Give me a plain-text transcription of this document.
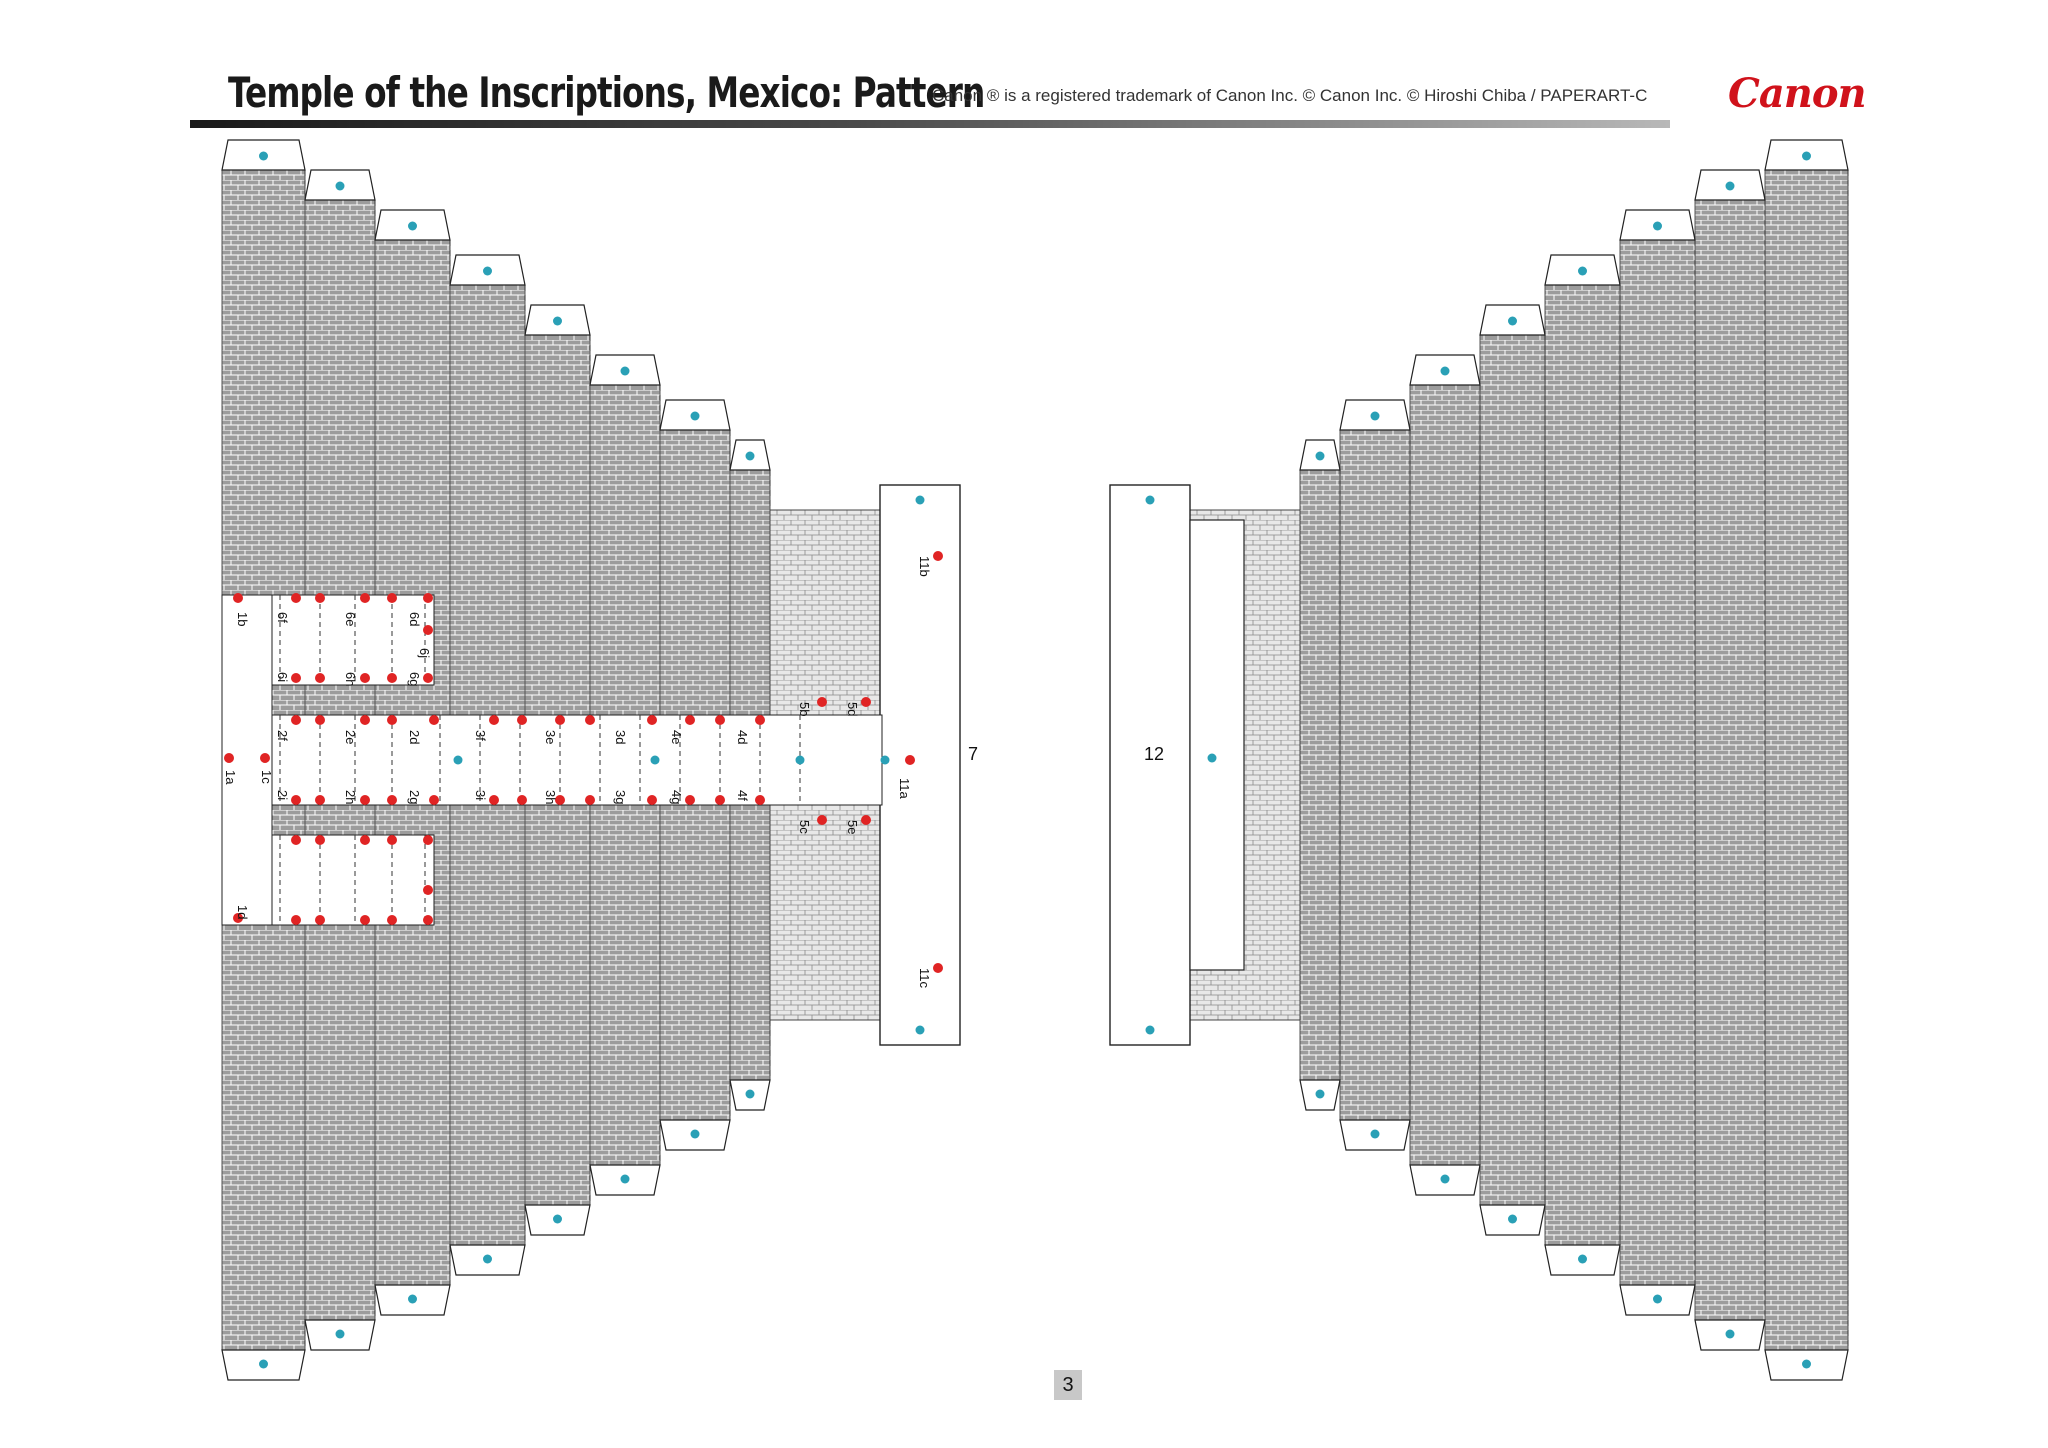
Temple of the Inscriptions, Mexico: Pattern
Canon ® is a registered trademark of Canon Inc. © Canon Inc. © Hiroshi Chiba / PAPERART-C Canon
1b
1c
1a
1d
6f	6e	6d
6j
6i	6h	6g
2f	2e	2d
2i	2h	2g
3f	3e	3d
3i	3h	3g
4e	4d
4g	4f
5b	5d
5c	5e
11b
11a
11c
7	12
3
